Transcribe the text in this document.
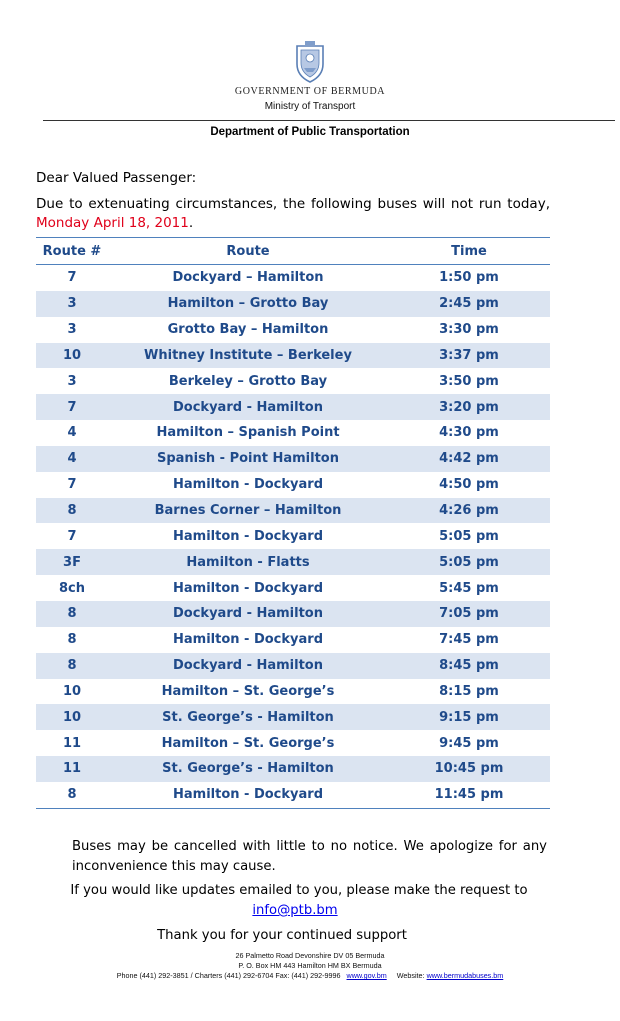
GOVERNMENT OF BERMUDA
Ministry of Transport
Department of Public Transportation
Dear Valued Passenger:
Due to extenuating circumstances, the following buses will not run today,
Monday April 18, 2011.
Route #	Route	Time
7	Dockyard – Hamilton	1:50 pm
3	Hamilton – Grotto Bay	2:45 pm
3	Grotto Bay – Hamilton	3:30 pm
10	Whitney Institute – Berkeley	3:37 pm
3	Berkeley – Grotto Bay	3:50 pm
7	Dockyard - Hamilton	3:20 pm
4	Hamilton – Spanish Point	4:30 pm
4	Spanish - Point Hamilton	4:42 pm
7	Hamilton - Dockyard	4:50 pm
8	Barnes Corner – Hamilton	4:26 pm
7	Hamilton - Dockyard	5:05 pm
3F	Hamilton - Flatts	5:05 pm
8ch	Hamilton - Dockyard	5:45 pm
8	Dockyard - Hamilton	7:05 pm
8	Hamilton - Dockyard	7:45 pm
8	Dockyard - Hamilton	8:45 pm
10	Hamilton – St. George’s	8:15 pm
10	St. George’s - Hamilton	9:15 pm
11	Hamilton – St. George’s	9:45 pm
11	St. George’s - Hamilton	10:45 pm
8	Hamilton - Dockyard	11:45 pm
Buses may be cancelled with little to no notice. We apologize for any inconvenience this may cause.
If you would like updates emailed to you, please make the request to
info@ptb.bm
Thank you for your continued support
26 Palmetto Road Devonshire DV 05 Bermuda
P. O. Box HM 443 Hamilton HM BX Bermuda
Phone (441) 292-3851 / Charters (441) 292-6704 Fax: (441) 292-9996 www.gov.bm Website: www.bermudabuses.bm
